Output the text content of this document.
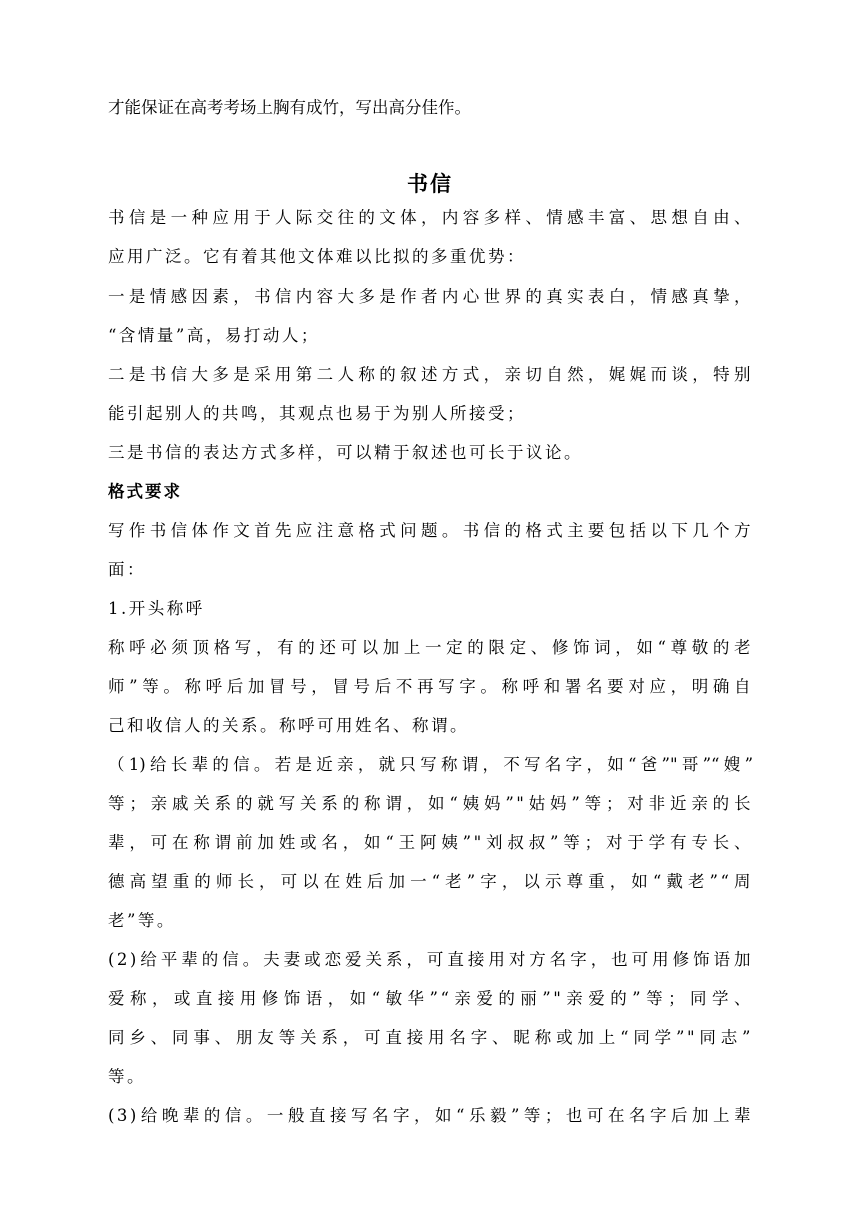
才能保证在高考考场上胸有成竹，写出高分佳作。
书信
书信是一种应用于人际交往的文体，内容多样、情感丰富、思想自由、
应用广泛。它有着其他文体难以比拟的多重优势：
一是情感因素，书信内容大多是作者内心世界的真实表白，情感真挚，
“含情量”高，易打动人；
二是书信大多是采用第二人称的叙述方式，亲切自然，娓娓而谈，特别
能引起别人的共鸣，其观点也易于为别人所接受；
三是书信的表达方式多样，可以精于叙述也可长于议论。
格式要求
写作书信体作文首先应注意格式问题。书信的格式主要包括以下几个方
面：
1.开头称呼
称呼必须顶格写，有的还可以加上一定的限定、修饰词，如“尊敬的老
师”等。称呼后加冒号，冒号后不再写字。称呼和署名要对应，明确自
己和收信人的关系。称呼可用姓名、称谓。
（1)给长辈的信。若是近亲，就只写称谓，不写名字，如“爸”"哥”“嫂”
等；亲戚关系的就写关系的称谓，如“姨妈”"姑妈”等；对非近亲的长
辈，可在称谓前加姓或名，如“王阿姨”"刘叔叔”等；对于学有专长、
德高望重的师长，可以在姓后加一“老”字，以示尊重，如“戴老”“周
老”等。
(2)给平辈的信。夫妻或恋爱关系，可直接用对方名字，也可用修饰语加
爱称，或直接用修饰语，如“敏华”“亲爱的丽”"亲爱的”等；同学、
同乡、同事、朋友等关系，可直接用名字、昵称或加上“同学”"同志”
等。
(3)给晚辈的信。一般直接写名字，如“乐毅”等；也可在名字后加上辈
